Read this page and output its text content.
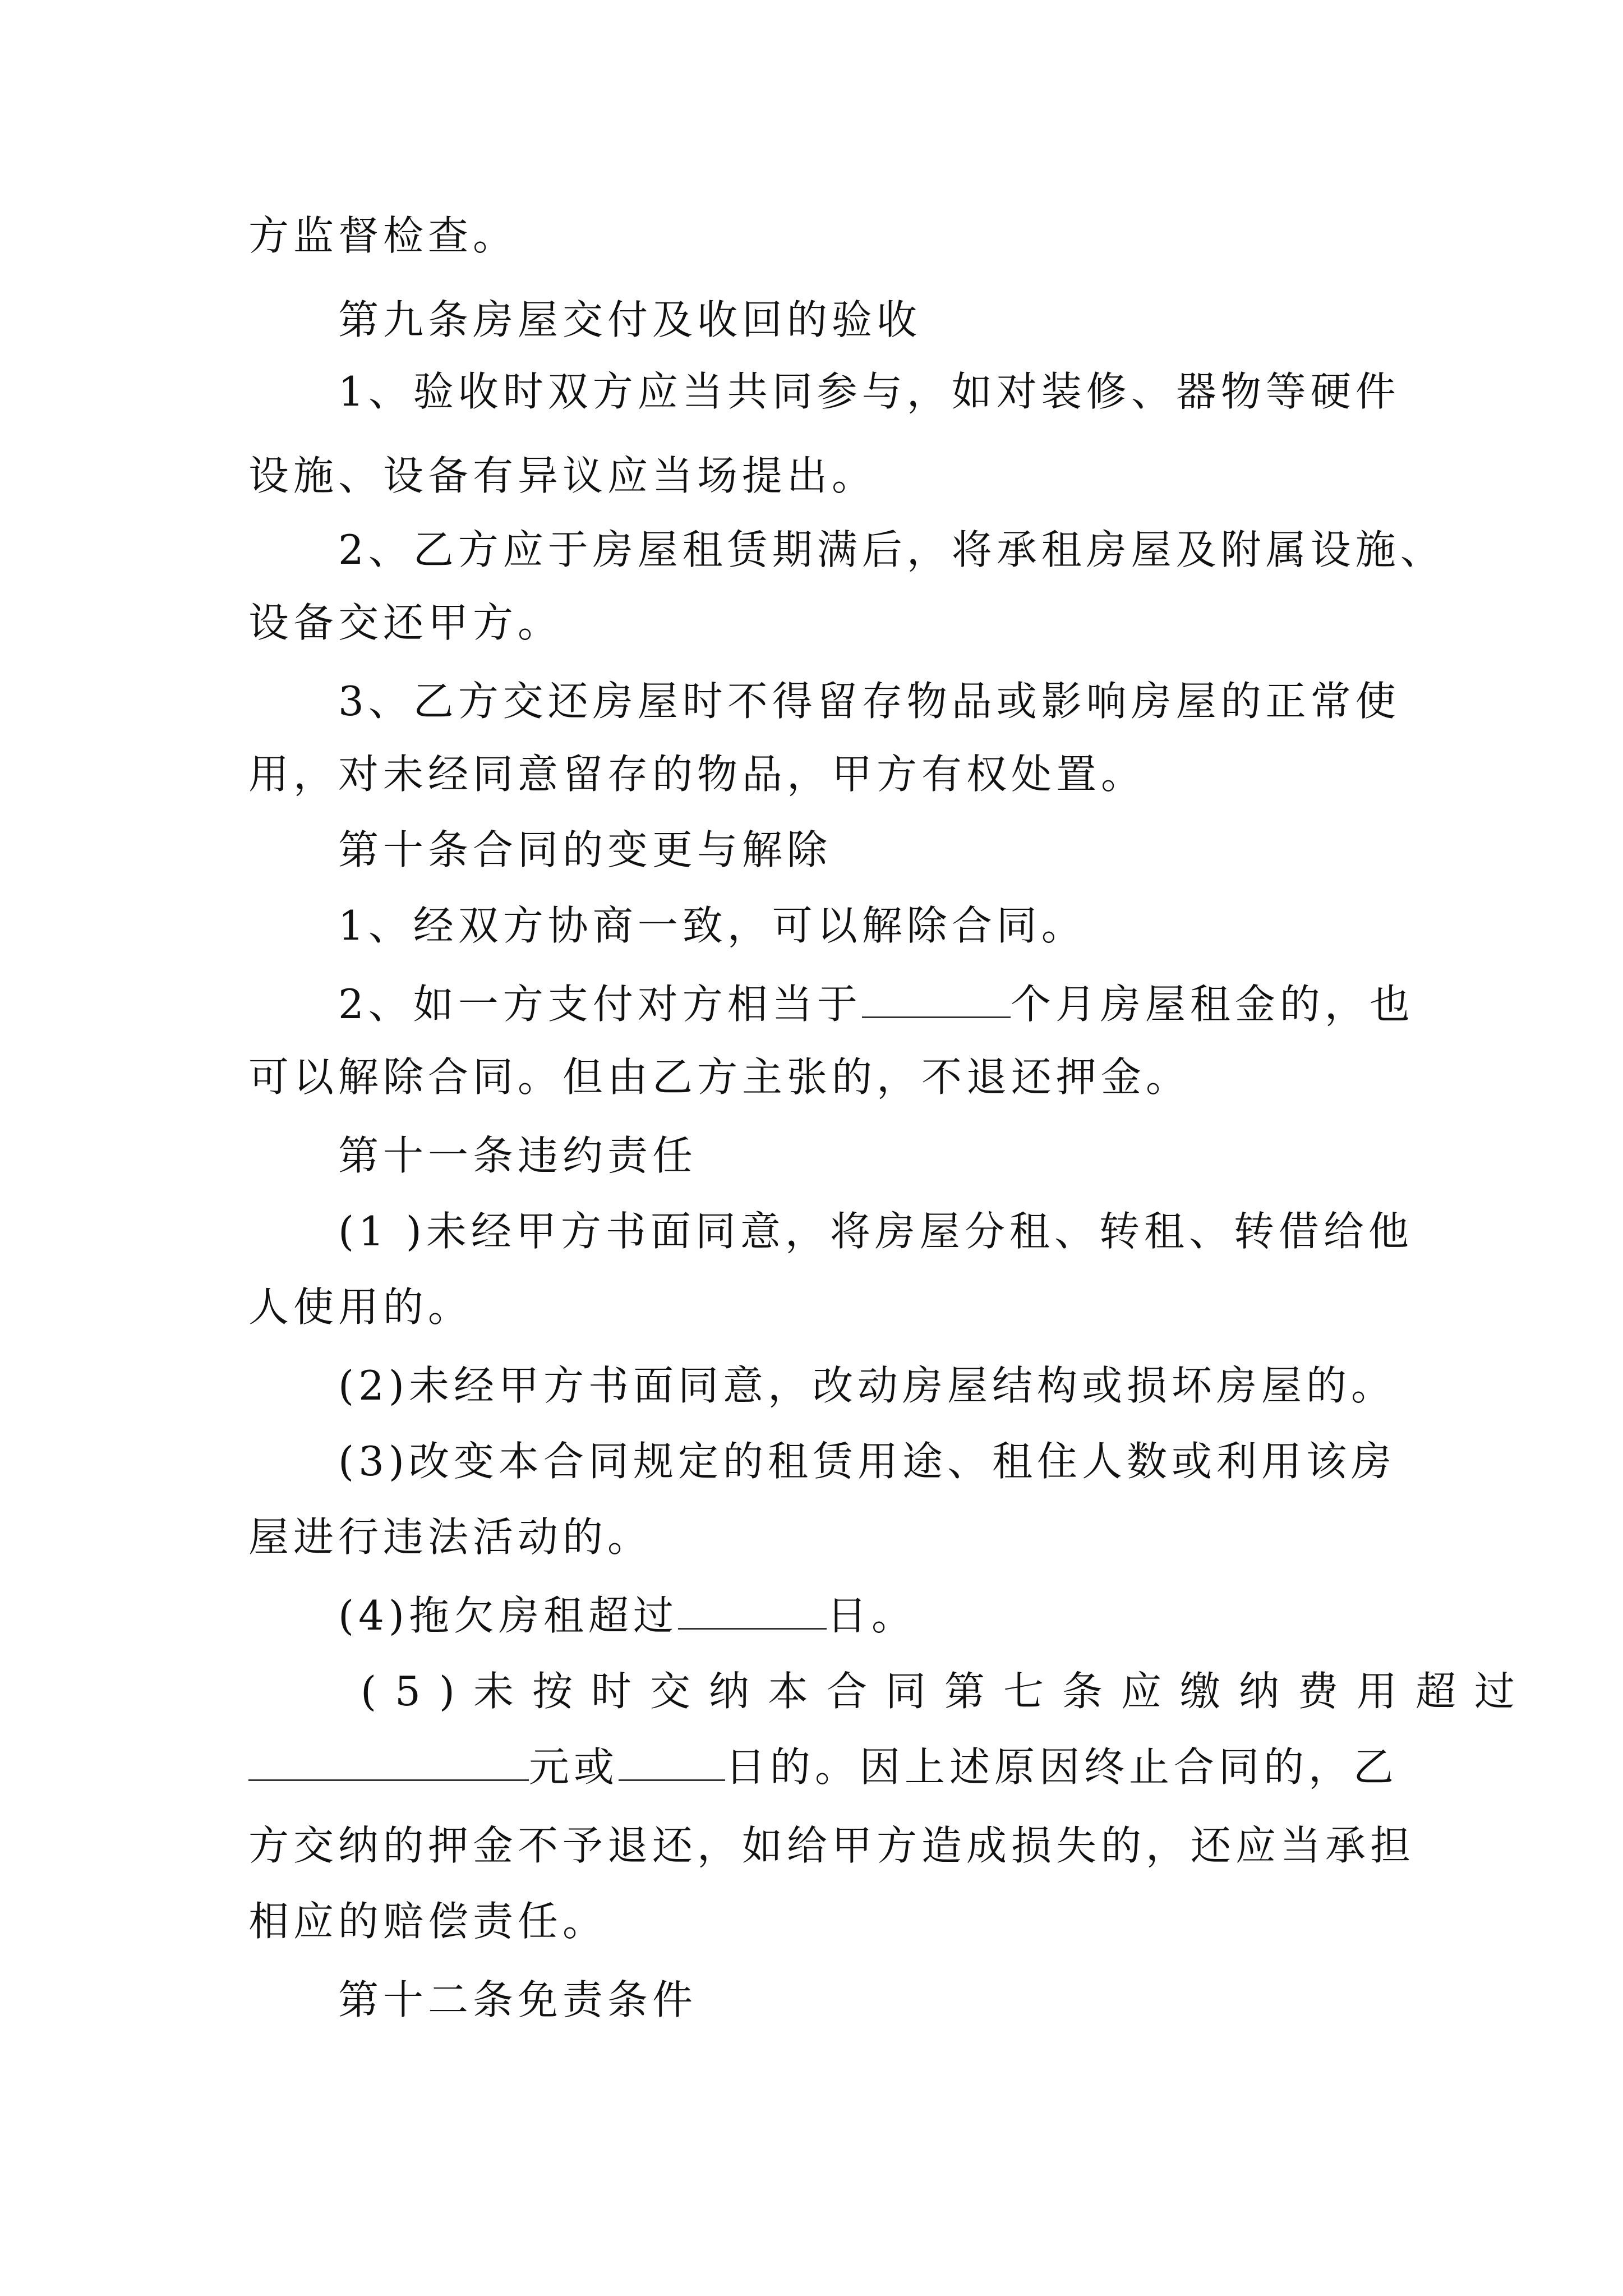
方监督检查。

第九条房屋交付及收回的验收

1、验收时双方应当共同参与，如对装修、器物等硬件

设施、设备有异议应当场提出。

2、乙方应于房屋租赁期满后，将承租房屋及附属设施、

设备交还甲方。

3、乙方交还房屋时不得留存物品或影响房屋的正常使

用，对未经同意留存的物品，甲方有权处置。

第十条合同的变更与解除

1、经双方协商一致，可以解除合同。

2、如一方支付对方相当于	个月房屋租金的，也

可以解除合同。但由乙方主张的，不退还押金。

第十一条违约责任

(1 )未经甲方书面同意，将房屋分租、转租、转借给他

人使用的。

(2)未经甲方书面同意，改动房屋结构或损坏房屋的。

(3)改变本合同规定的租赁用途、租住人数或利用该房

屋进行违法活动的。

(4)拖欠房租超过	日。

(5)未按时交纳本合同第七条应缴纳费用超过

元或	日的。因上述原因终止合同的，乙

方交纳的押金不予退还，如给甲方造成损失的，还应当承担

相应的赔偿责任。

第十二条免责条件
